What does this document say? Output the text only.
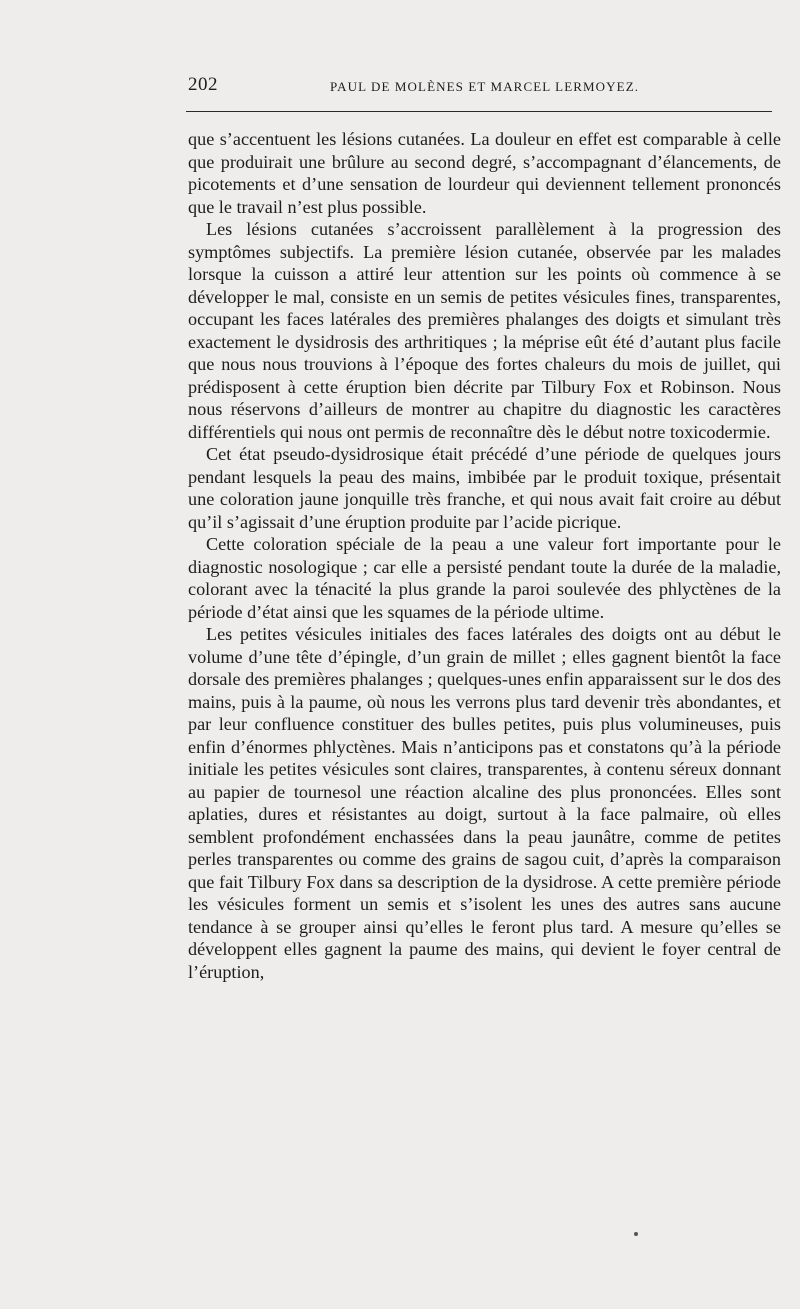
202	PAUL DE MOLÈNES ET MARCEL LERMOYEZ.

que s’accentuent les lésions cutanées. La douleur en effet est comparable à celle que produirait une brûlure au second degré, s’accompagnant d’élancements, de picotements et d’une sensation de lourdeur qui deviennent tellement prononcés que le travail n’est plus possible.

Les lésions cutanées s’accroissent parallèlement à la progression des symptômes subjectifs. La première lésion cutanée, observée par les malades lorsque la cuisson a attiré leur attention sur les points où commence à se développer le mal, consiste en un semis de petites vésicules fines, transparentes, occupant les faces latérales des premières phalanges des doigts et simulant très exactement le dysidrosis des arthritiques ; la méprise eût été d’autant plus facile que nous nous trouvions à l’époque des fortes chaleurs du mois de juillet, qui prédisposent à cette éruption bien décrite par Tilbury Fox et Robinson. Nous nous réservons d’ailleurs de montrer au chapitre du diagnostic les caractères différentiels qui nous ont permis de reconnaître dès le début notre toxicodermie.

Cet état pseudo-dysidrosique était précédé d’une période de quelques jours pendant lesquels la peau des mains, imbibée par le produit toxique, présentait une coloration jaune jonquille très franche, et qui nous avait fait croire au début qu’il s’agissait d’une éruption produite par l’acide picrique.

Cette coloration spéciale de la peau a une valeur fort importante pour le diagnostic nosologique ; car elle a persisté pendant toute la durée de la maladie, colorant avec la ténacité la plus grande la paroi soulevée des phlyctènes de la période d’état ainsi que les squames de la période ultime.

Les petites vésicules initiales des faces latérales des doigts ont au début le volume d’une tête d’épingle, d’un grain de millet ; elles gagnent bientôt la face dorsale des premières phalanges ; quelques-unes enfin apparaissent sur le dos des mains, puis à la paume, où nous les verrons plus tard devenir très abondantes, et par leur confluence constituer des bulles petites, puis plus volumineuses, puis enfin d’énormes phlyctènes. Mais n’anticipons pas et constatons qu’à la période initiale les petites vésicules sont claires, transparentes, à contenu séreux donnant au papier de tournesol une réaction alcaline des plus prononcées. Elles sont aplaties, dures et résistantes au doigt, surtout à la face palmaire, où elles semblent profondément enchassées dans la peau jaunâtre, comme de petites perles transparentes ou comme des grains de sagou cuit, d’après la comparaison que fait Tilbury Fox dans sa description de la dysidrose. A cette première période les vésicules forment un semis et s’isolent les unes des autres sans aucune tendance à se grouper ainsi qu’elles le feront plus tard. A mesure qu’elles se développent elles gagnent la paume des mains, qui devient le foyer central de l’éruption,
